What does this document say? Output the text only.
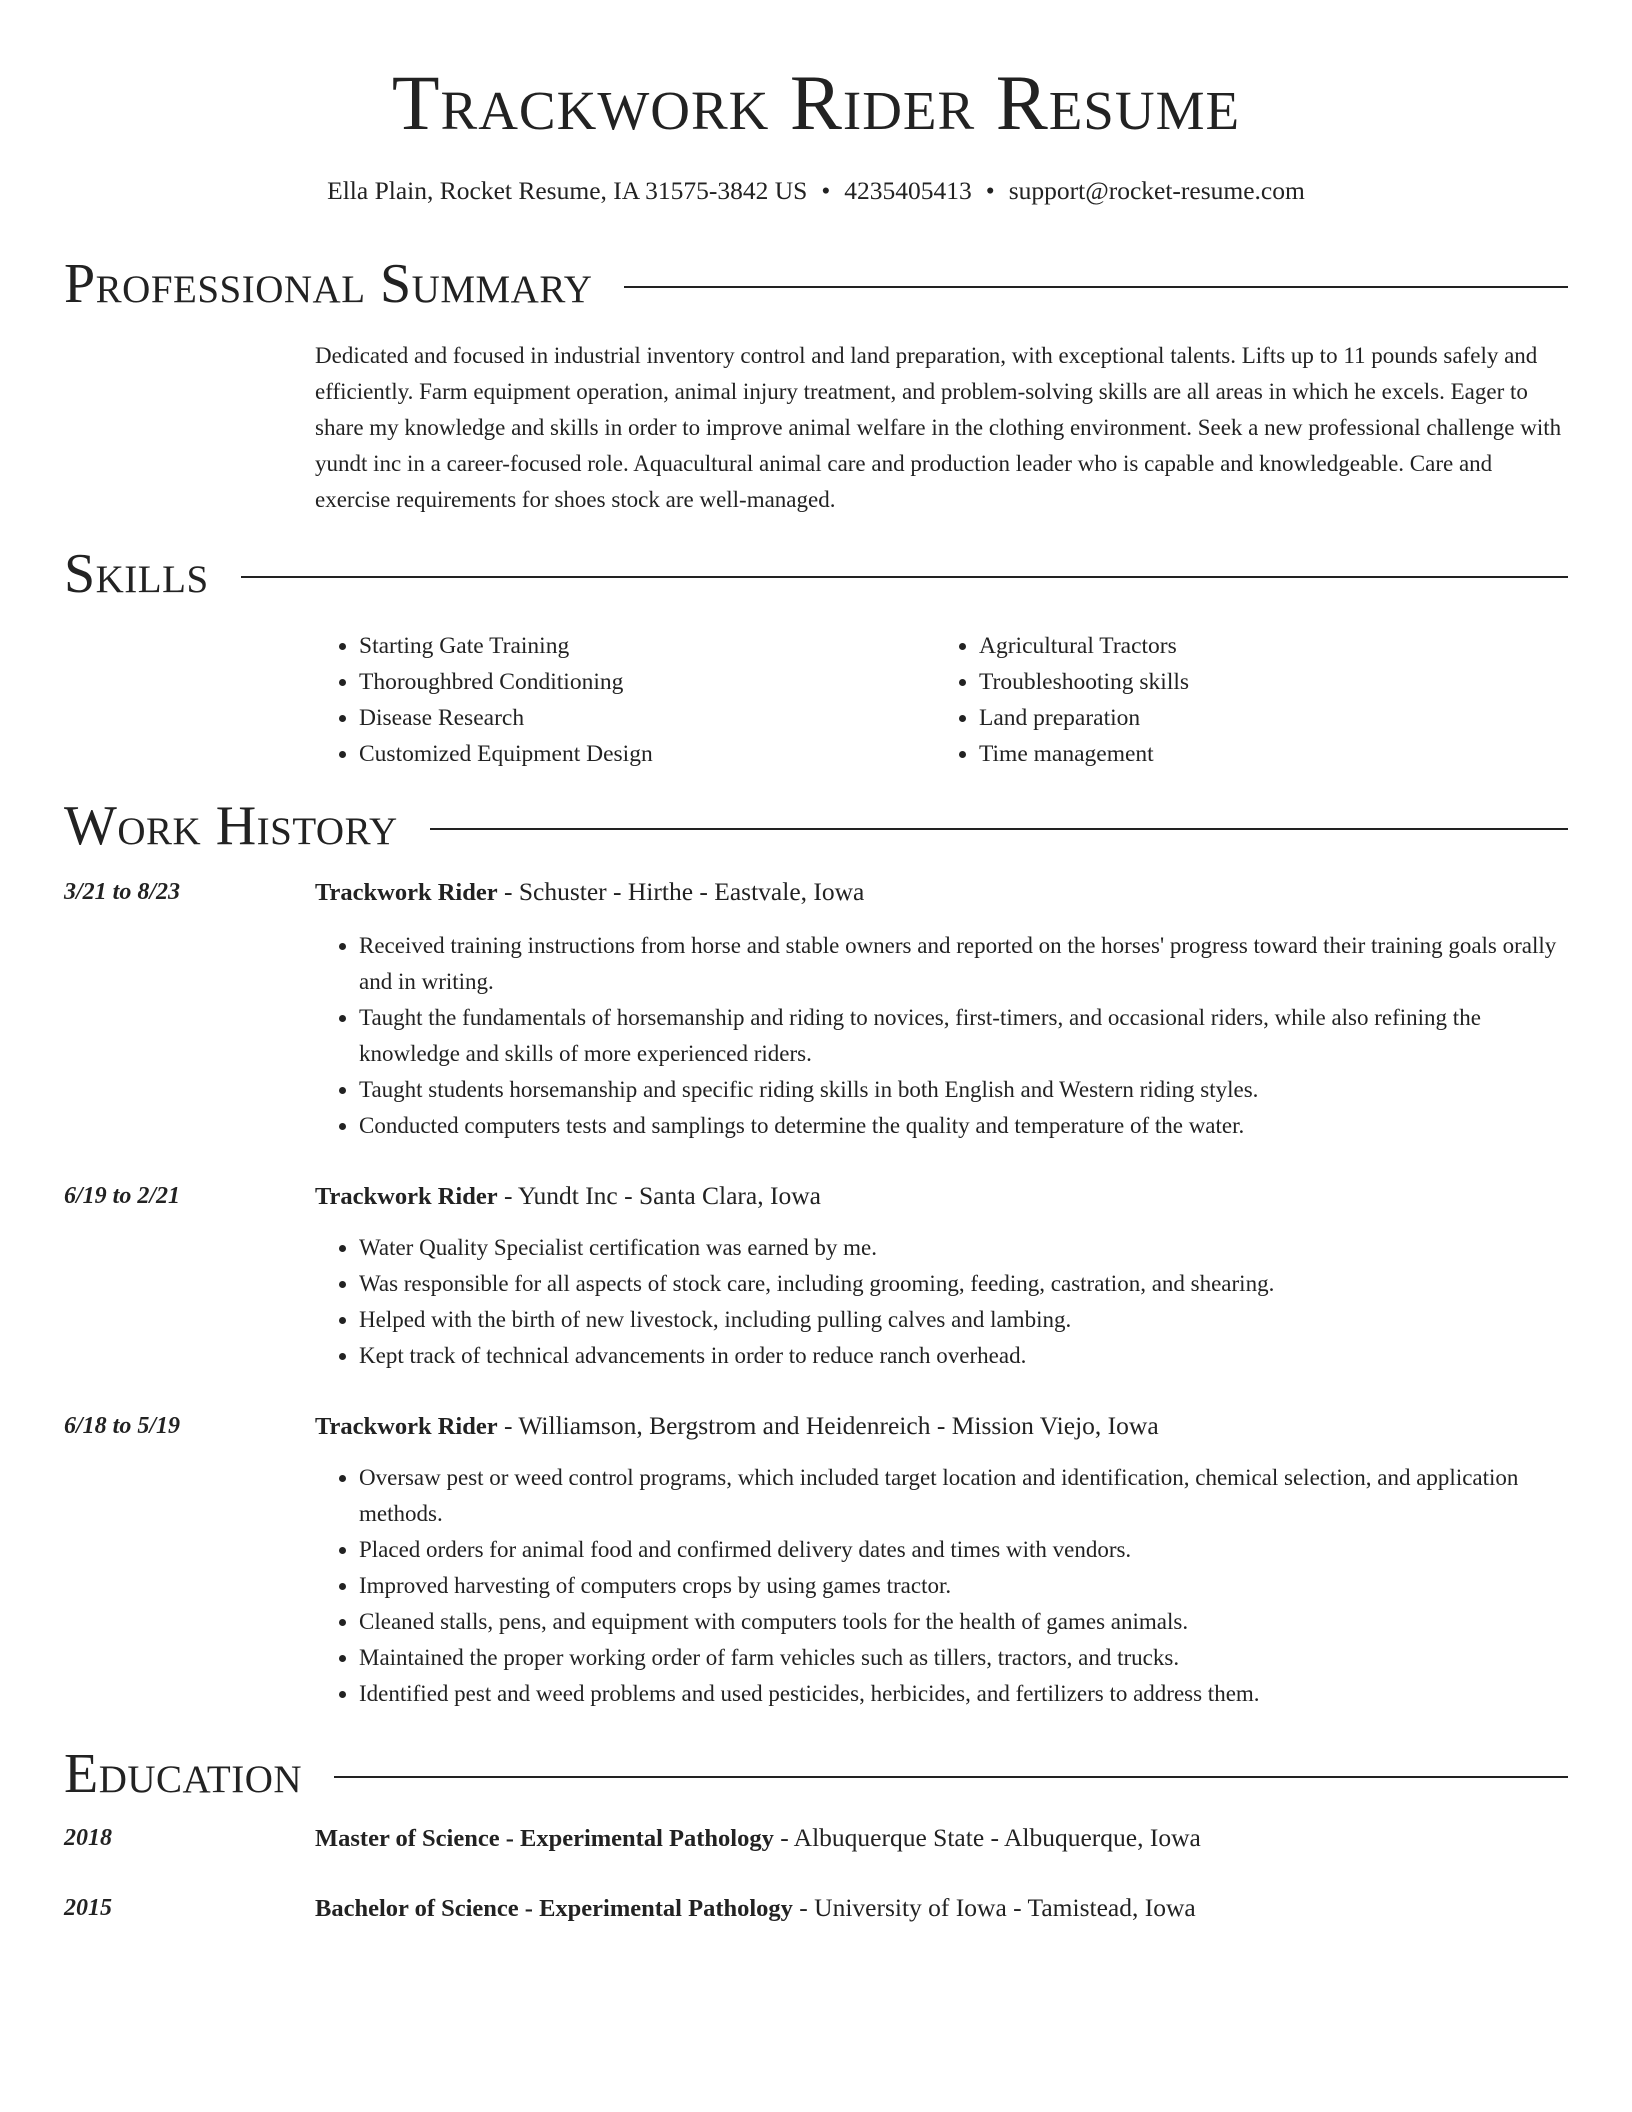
Trackwork Rider Resume
Ella Plain, Rocket Resume, IA 31575-3842 US • 4235405413 • support@rocket-resume.com
Professional Summary

Dedicated and focused in industrial inventory control and land preparation, with exceptional talents. Lifts up to 11 pounds safely and efficiently. Farm equipment operation, animal injury treatment, and problem-solving skills are all areas in which he excels. Eager to share my knowledge and skills in order to improve animal welfare in the clothing environment. Seek a new professional challenge with yundt inc in a career-focused role. Aquacultural animal care and production leader who is capable and knowledgeable. Care and exercise requirements for shoes stock are well-managed.

Skills
• Starting Gate Training
• Thoroughbred Conditioning
• Disease Research
• Customized Equipment Design
• Agricultural Tractors
• Troubleshooting skills
• Land preparation
• Time management
Work History
3/21 to 8/23	Trackwork Rider - Schuster - Hirthe - Eastvale, Iowa
• Received training instructions from horse and stable owners and reported on the horses' progress toward their training goals orally and in writing.
• Taught the fundamentals of horsemanship and riding to novices, first-timers, and occasional riders, while also refining the knowledge and skills of more experienced riders.
• Taught students horsemanship and specific riding skills in both English and Western riding styles.
• Conducted computers tests and samplings to determine the quality and temperature of the water.
6/19 to 2/21	Trackwork Rider - Yundt Inc - Santa Clara, Iowa
• Water Quality Specialist certification was earned by me.
• Was responsible for all aspects of stock care, including grooming, feeding, castration, and shearing.
• Helped with the birth of new livestock, including pulling calves and lambing.
• Kept track of technical advancements in order to reduce ranch overhead.
6/18 to 5/19	Trackwork Rider - Williamson, Bergstrom and Heidenreich - Mission Viejo, Iowa
• Oversaw pest or weed control programs, which included target location and identification, chemical selection, and application methods.
• Placed orders for animal food and confirmed delivery dates and times with vendors.
• Improved harvesting of computers crops by using games tractor.
• Cleaned stalls, pens, and equipment with computers tools for the health of games animals.
• Maintained the proper working order of farm vehicles such as tillers, tractors, and trucks.
• Identified pest and weed problems and used pesticides, herbicides, and fertilizers to address them.
Education
2018	Master of Science - Experimental Pathology - Albuquerque State - Albuquerque, Iowa
2015	Bachelor of Science - Experimental Pathology - University of Iowa - Tamistead, Iowa
